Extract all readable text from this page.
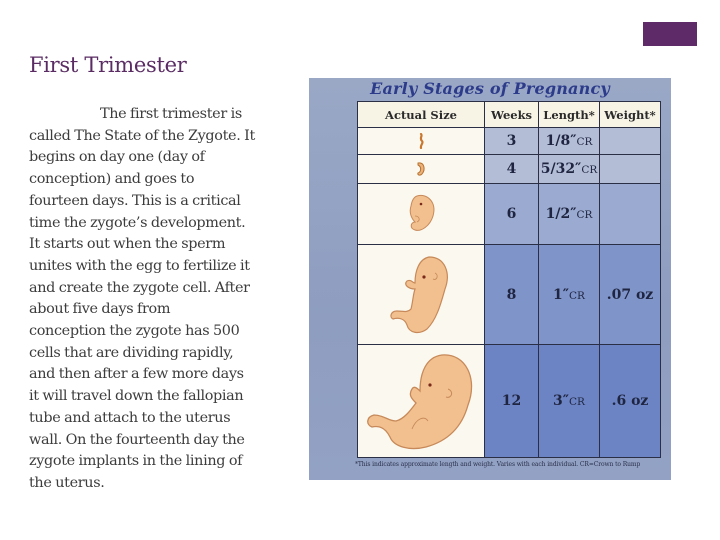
First Trimester
The first trimester is
called The State of the Zygote. It
begins on day one (day of
conception) and goes to
fourteen days. This is a critical
time the zygote’s development.
It starts out when the sperm
unites with the egg to fertilize it
and create the zygote cell. After
about five days from
conception the zygote has 500
cells that are dividing rapidly,
and then after a few more days
it will travel down the fallopian
tube and attach to the uterus
wall. On the fourteenth day the
zygote implants in the lining of
the uterus.
Early Stages of Pregnancy
Actual Size	Weeks	Length*	Weight*

	3	1/8″CR	

	4	5/32″CR	

	6	1/2″CR	

	8	1″CR	.07 oz

	12	3″CR	.6 oz
*This indicates approximate length and weight. Varies with each individual. CR=Crown to Rump
